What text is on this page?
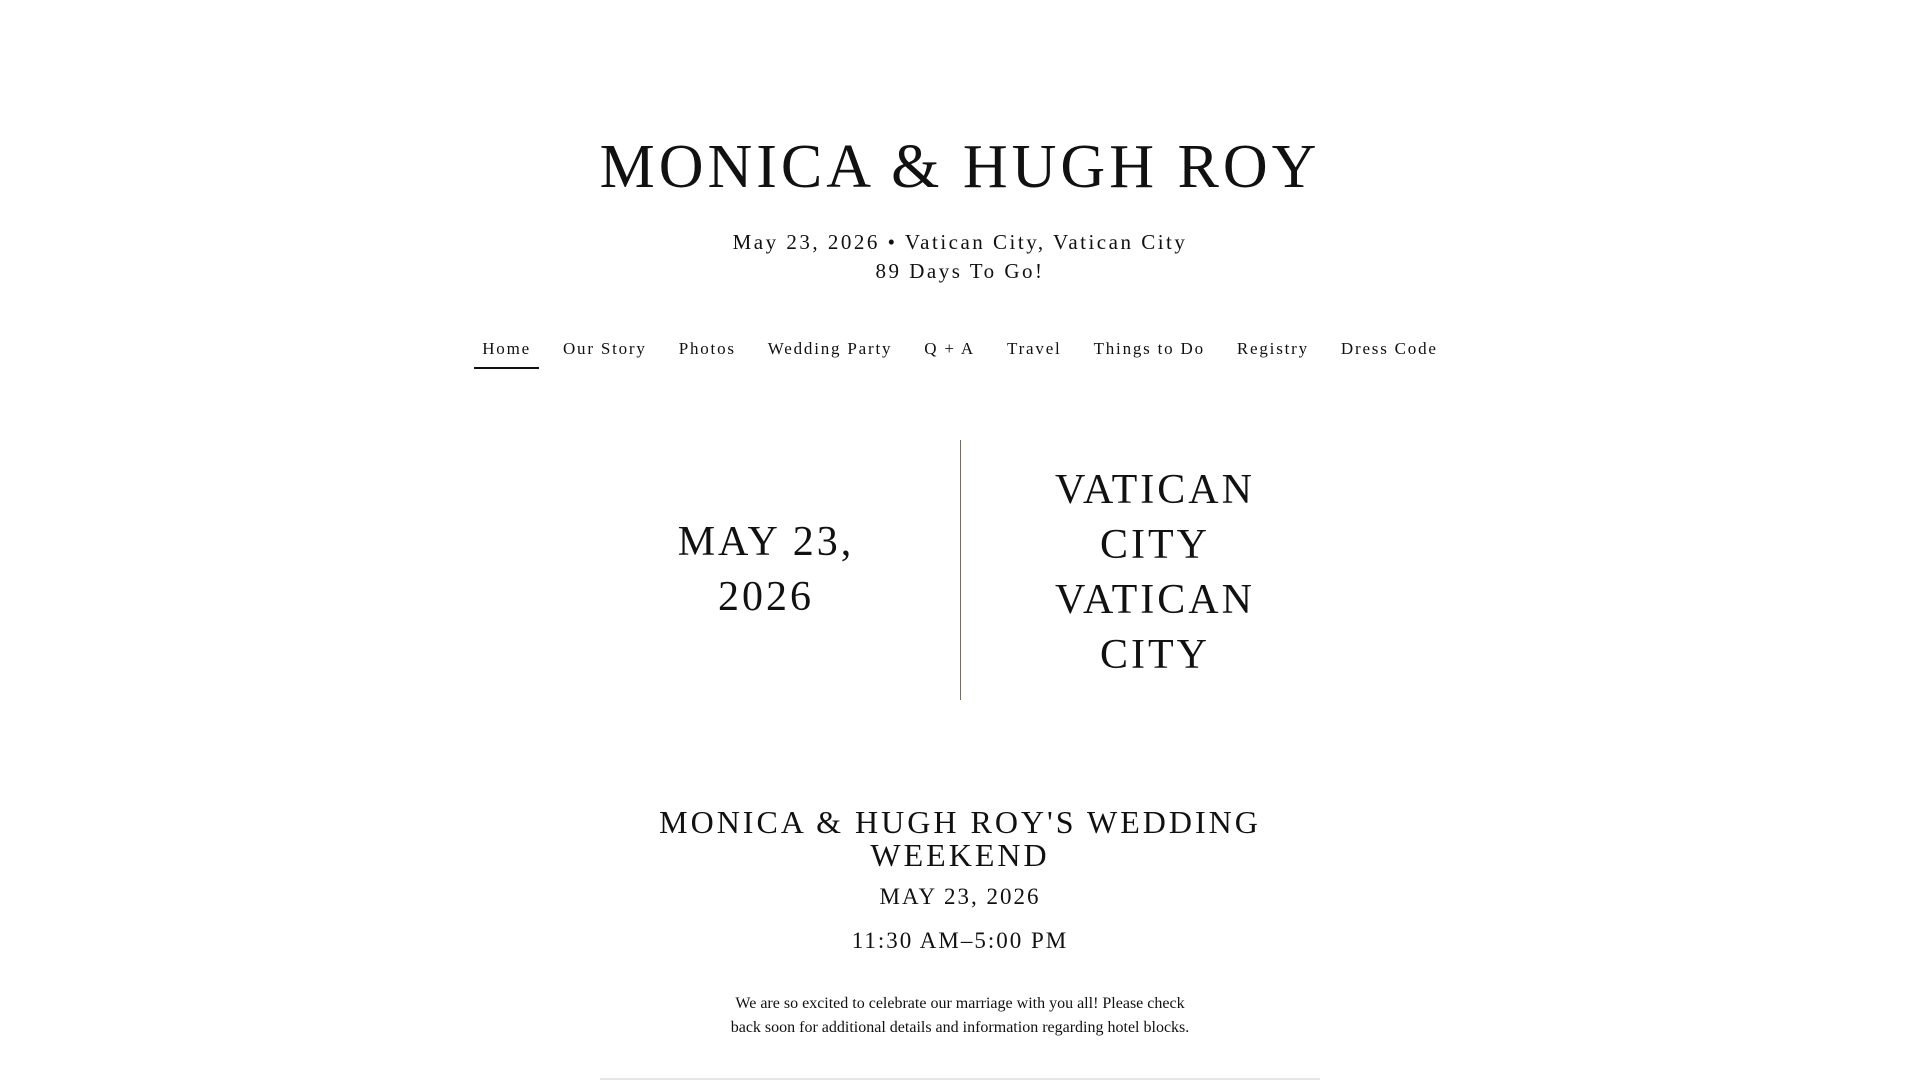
MONICA & HUGH ROY
May 23, 2026 • Vatican City, Vatican City
89 Days To Go!
Home	Our Story	Photos	Wedding Party	Q + A	Travel	Things to Do	Registry	Dress Code
MAY 23,
2026
VATICAN
CITY
VATICAN
CITY
MONICA & HUGH ROY'S WEDDING
WEEKEND
MAY 23, 2026
11:30 AM–5:00 PM
We are so excited to celebrate our marriage with you all! Please check
back soon for additional details and information regarding hotel blocks.
